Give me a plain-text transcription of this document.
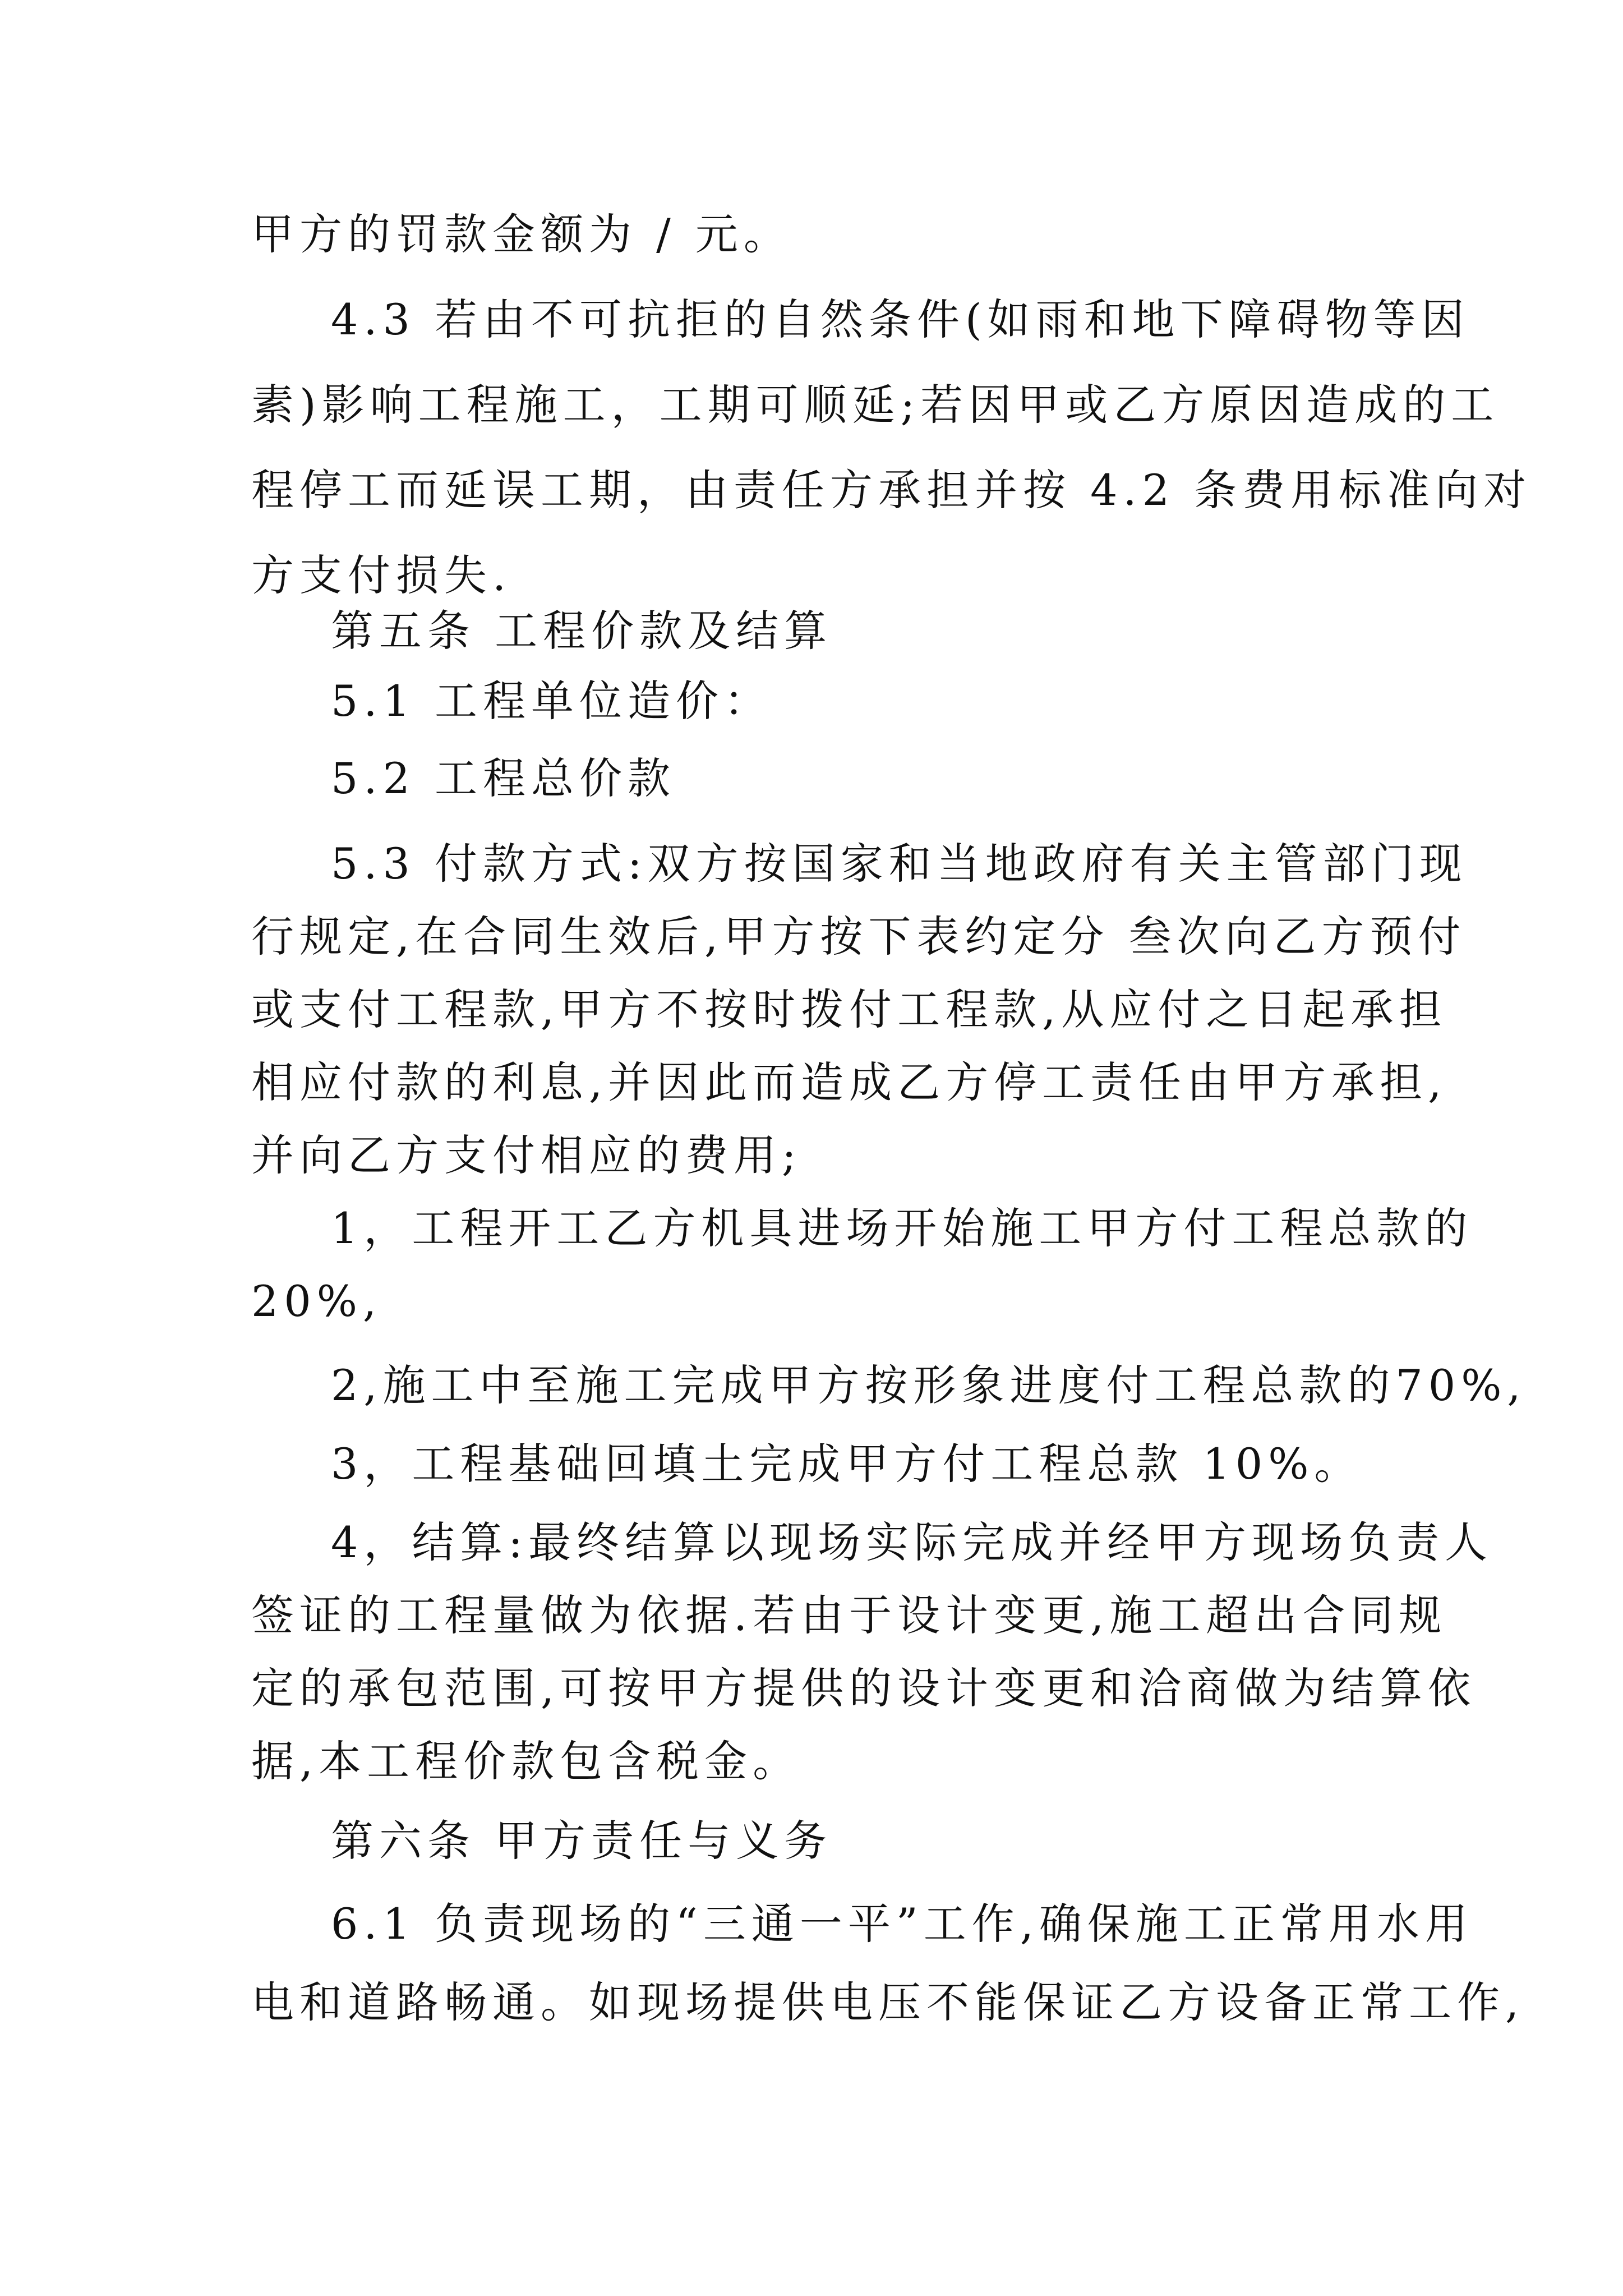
甲方的罚款金额为 / 元。
4.3 若由不可抗拒的自然条件(如雨和地下障碍物等因
素)影响工程施工，工期可顺延;若因甲或乙方原因造成的工
程停工而延误工期，由责任方承担并按 4.2 条费用标准向对
方支付损失.
第五条 工程价款及结算
5.1 工程单位造价：
5.2 工程总价款
5.3 付款方式:双方按国家和当地政府有关主管部门现
行规定,在合同生效后,甲方按下表约定分 叁次向乙方预付
或支付工程款,甲方不按时拨付工程款,从应付之日起承担
相应付款的利息,并因此而造成乙方停工责任由甲方承担,
并向乙方支付相应的费用;
1，工程开工乙方机具进场开始施工甲方付工程总款的
20%,
2,施工中至施工完成甲方按形象进度付工程总款的70%,
3，工程基础回填土完成甲方付工程总款 10%。
4，结算:最终结算以现场实际完成并经甲方现场负责人
签证的工程量做为依据.若由于设计变更,施工超出合同规
定的承包范围,可按甲方提供的设计变更和洽商做为结算依
据,本工程价款包含税金。
第六条 甲方责任与义务
6.1 负责现场的“三通一平”工作,确保施工正常用水用
电和道路畅通。如现场提供电压不能保证乙方设备正常工作,
